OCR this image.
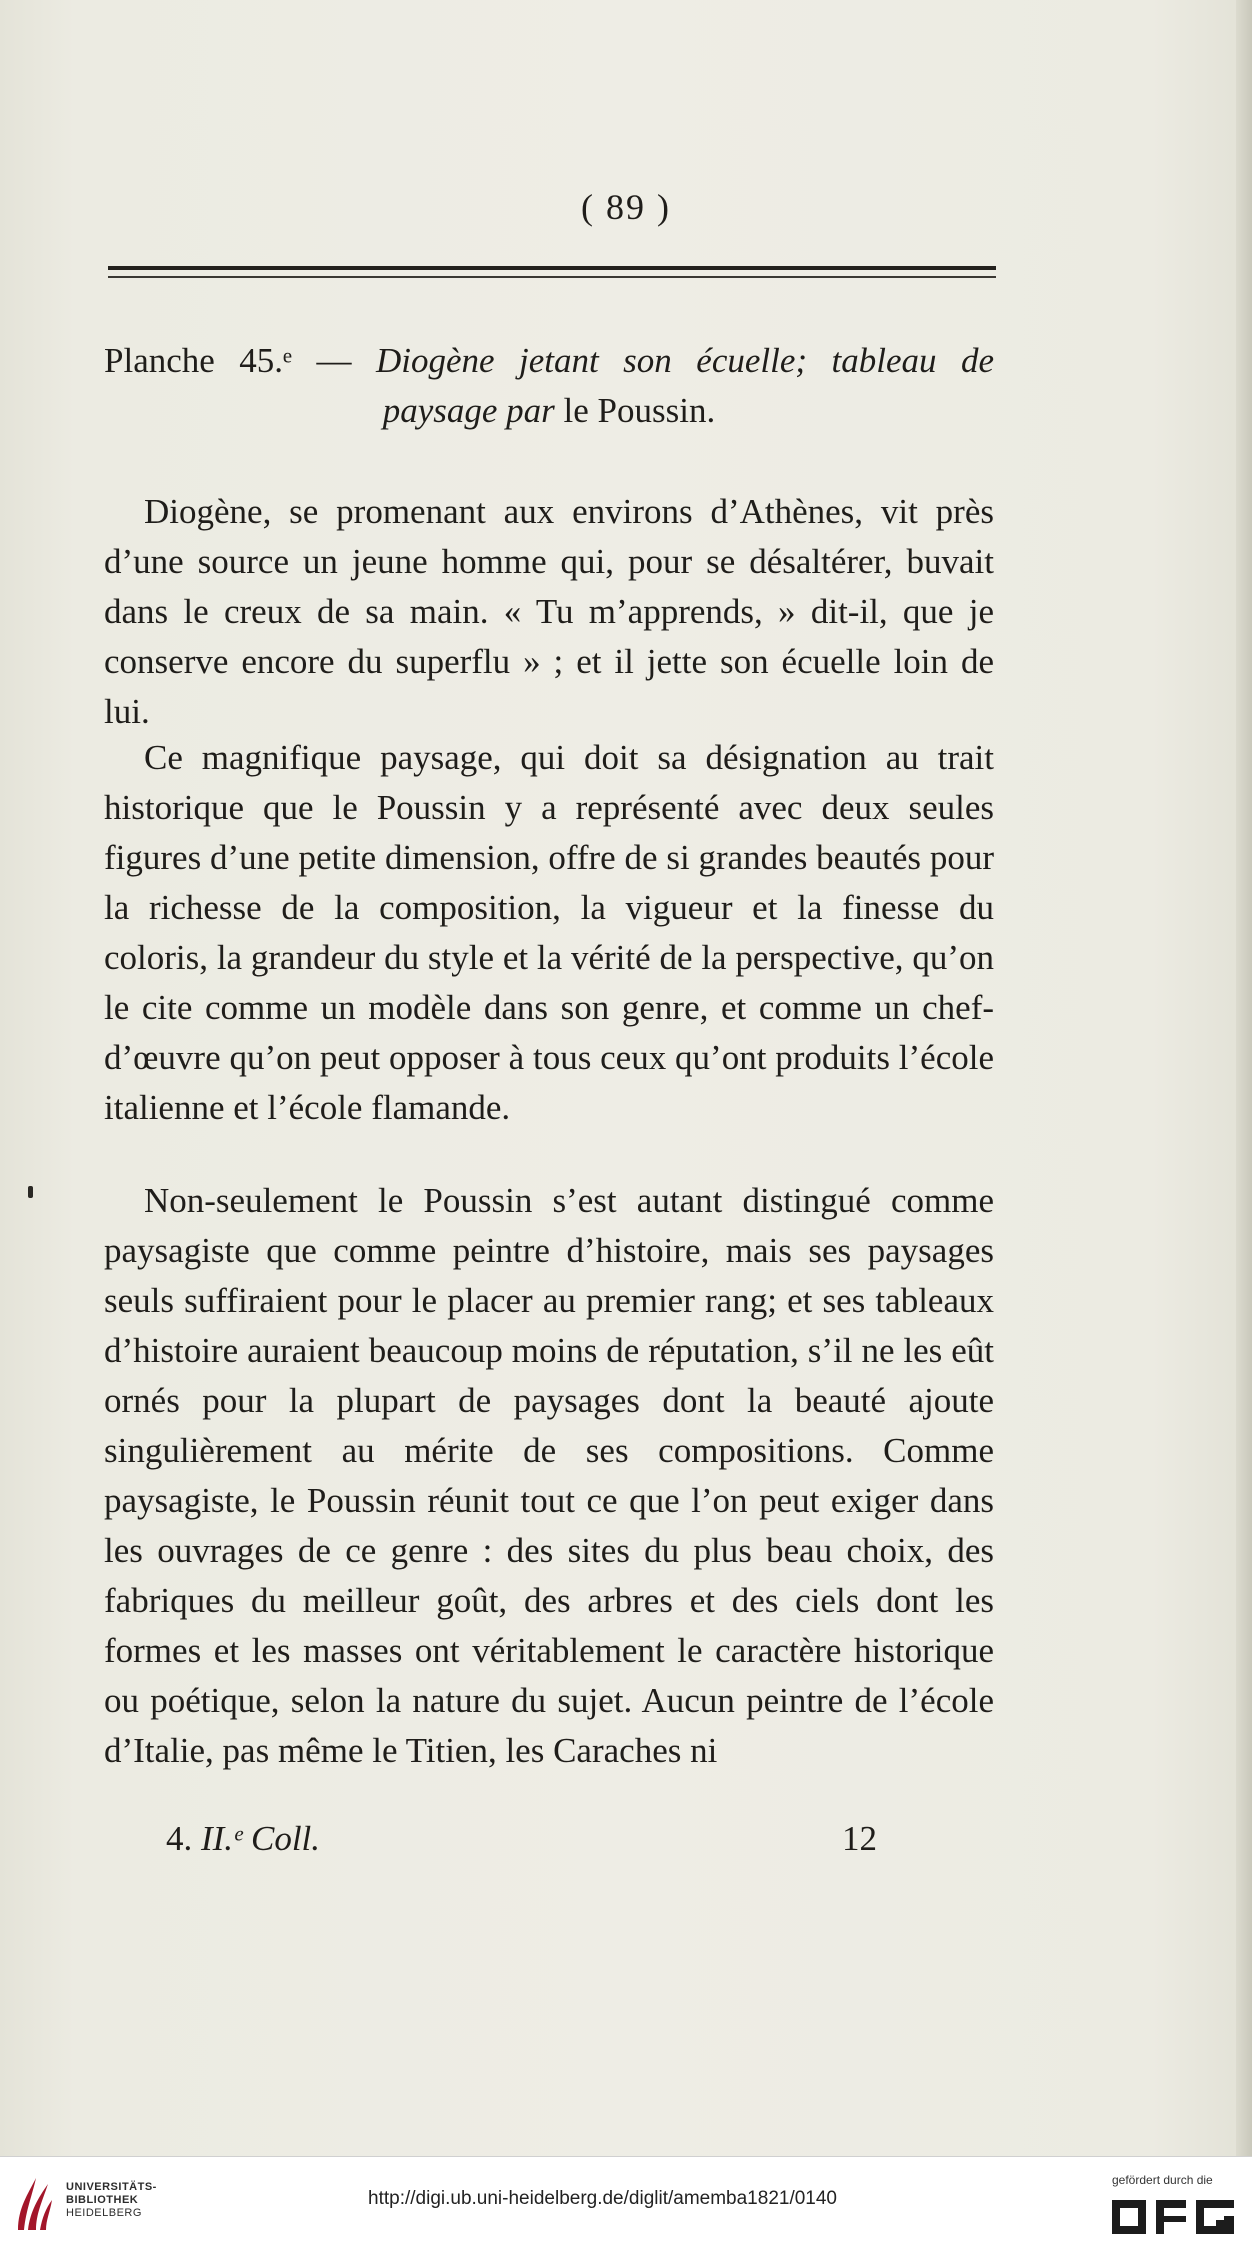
( 89 )
Planche 45.ᵉ — Diogène jetant son écuelle; tableau de
paysage par le Poussin.

Diogène, se promenant aux environs d’Athènes, vit près d’une source un jeune homme qui, pour se désaltérer, buvait dans le creux de sa main. « Tu m’apprends, » dit-il, que je conserve encore du superflu » ; et il jette son écuelle loin de lui.

Ce magnifique paysage, qui doit sa désignation au trait historique que le Poussin y a représenté avec deux seules figures d’une petite dimension, offre de si grandes beautés pour la richesse de la composition, la vigueur et la finesse du coloris, la grandeur du style et la vérité de la perspective, qu’on le cite comme un modèle dans son genre, et comme un chef-d’œuvre qu’on peut opposer à tous ceux qu’ont produits l’école italienne et l’école flamande.

Non-seulement le Poussin s’est autant distingué comme paysagiste que comme peintre d’histoire, mais ses paysages seuls suffiraient pour le placer au premier rang; et ses tableaux d’histoire auraient beaucoup moins de réputation, s’il ne les eût ornés pour la plupart de paysages dont la beauté ajoute singulièrement au mérite de ses compositions. Comme paysagiste, le Poussin réunit tout ce que l’on peut exiger dans les ouvrages de ce genre : des sites du plus beau choix, des fabriques du meilleur goût, des arbres et des ciels dont les formes et les masses ont véritablement le caractère historique ou poétique, selon la nature du sujet. Aucun peintre de l’école d’Italie, pas même le Titien, les Caraches ni

4. II.ᵉ Coll.	12
UNIVERSITÄTS-
BIBLIOTHEK
HEIDELBERG
http://digi.ub.uni-heidelberg.de/diglit/amemba1821/0140
gefördert durch die
